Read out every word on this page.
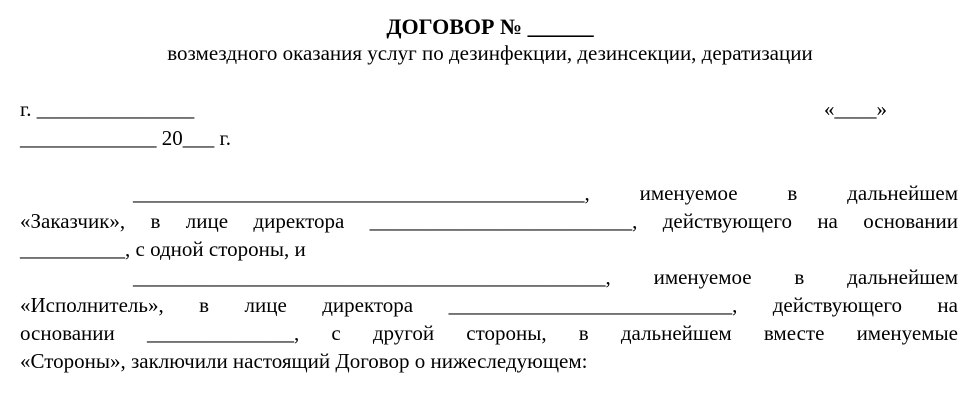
ДОГОВОР № ______
возмездного оказания услуг по дезинфекции, дезинсекции, дератизации
г. _______________	«____»
_____________ 20___ г.
___________________________________________, именуемое в дальнейшем
«Заказчик», в лице директора _________________________, действующего на основании
__________, с одной стороны, и
_____________________________________________, именуемое в дальнейшем
«Исполнитель», в лице директора ___________________________, действующего на
основании ______________, с другой стороны, в дальнейшем вместе именуемые
«Стороны», заключили настоящий Договор о нижеследующем:
